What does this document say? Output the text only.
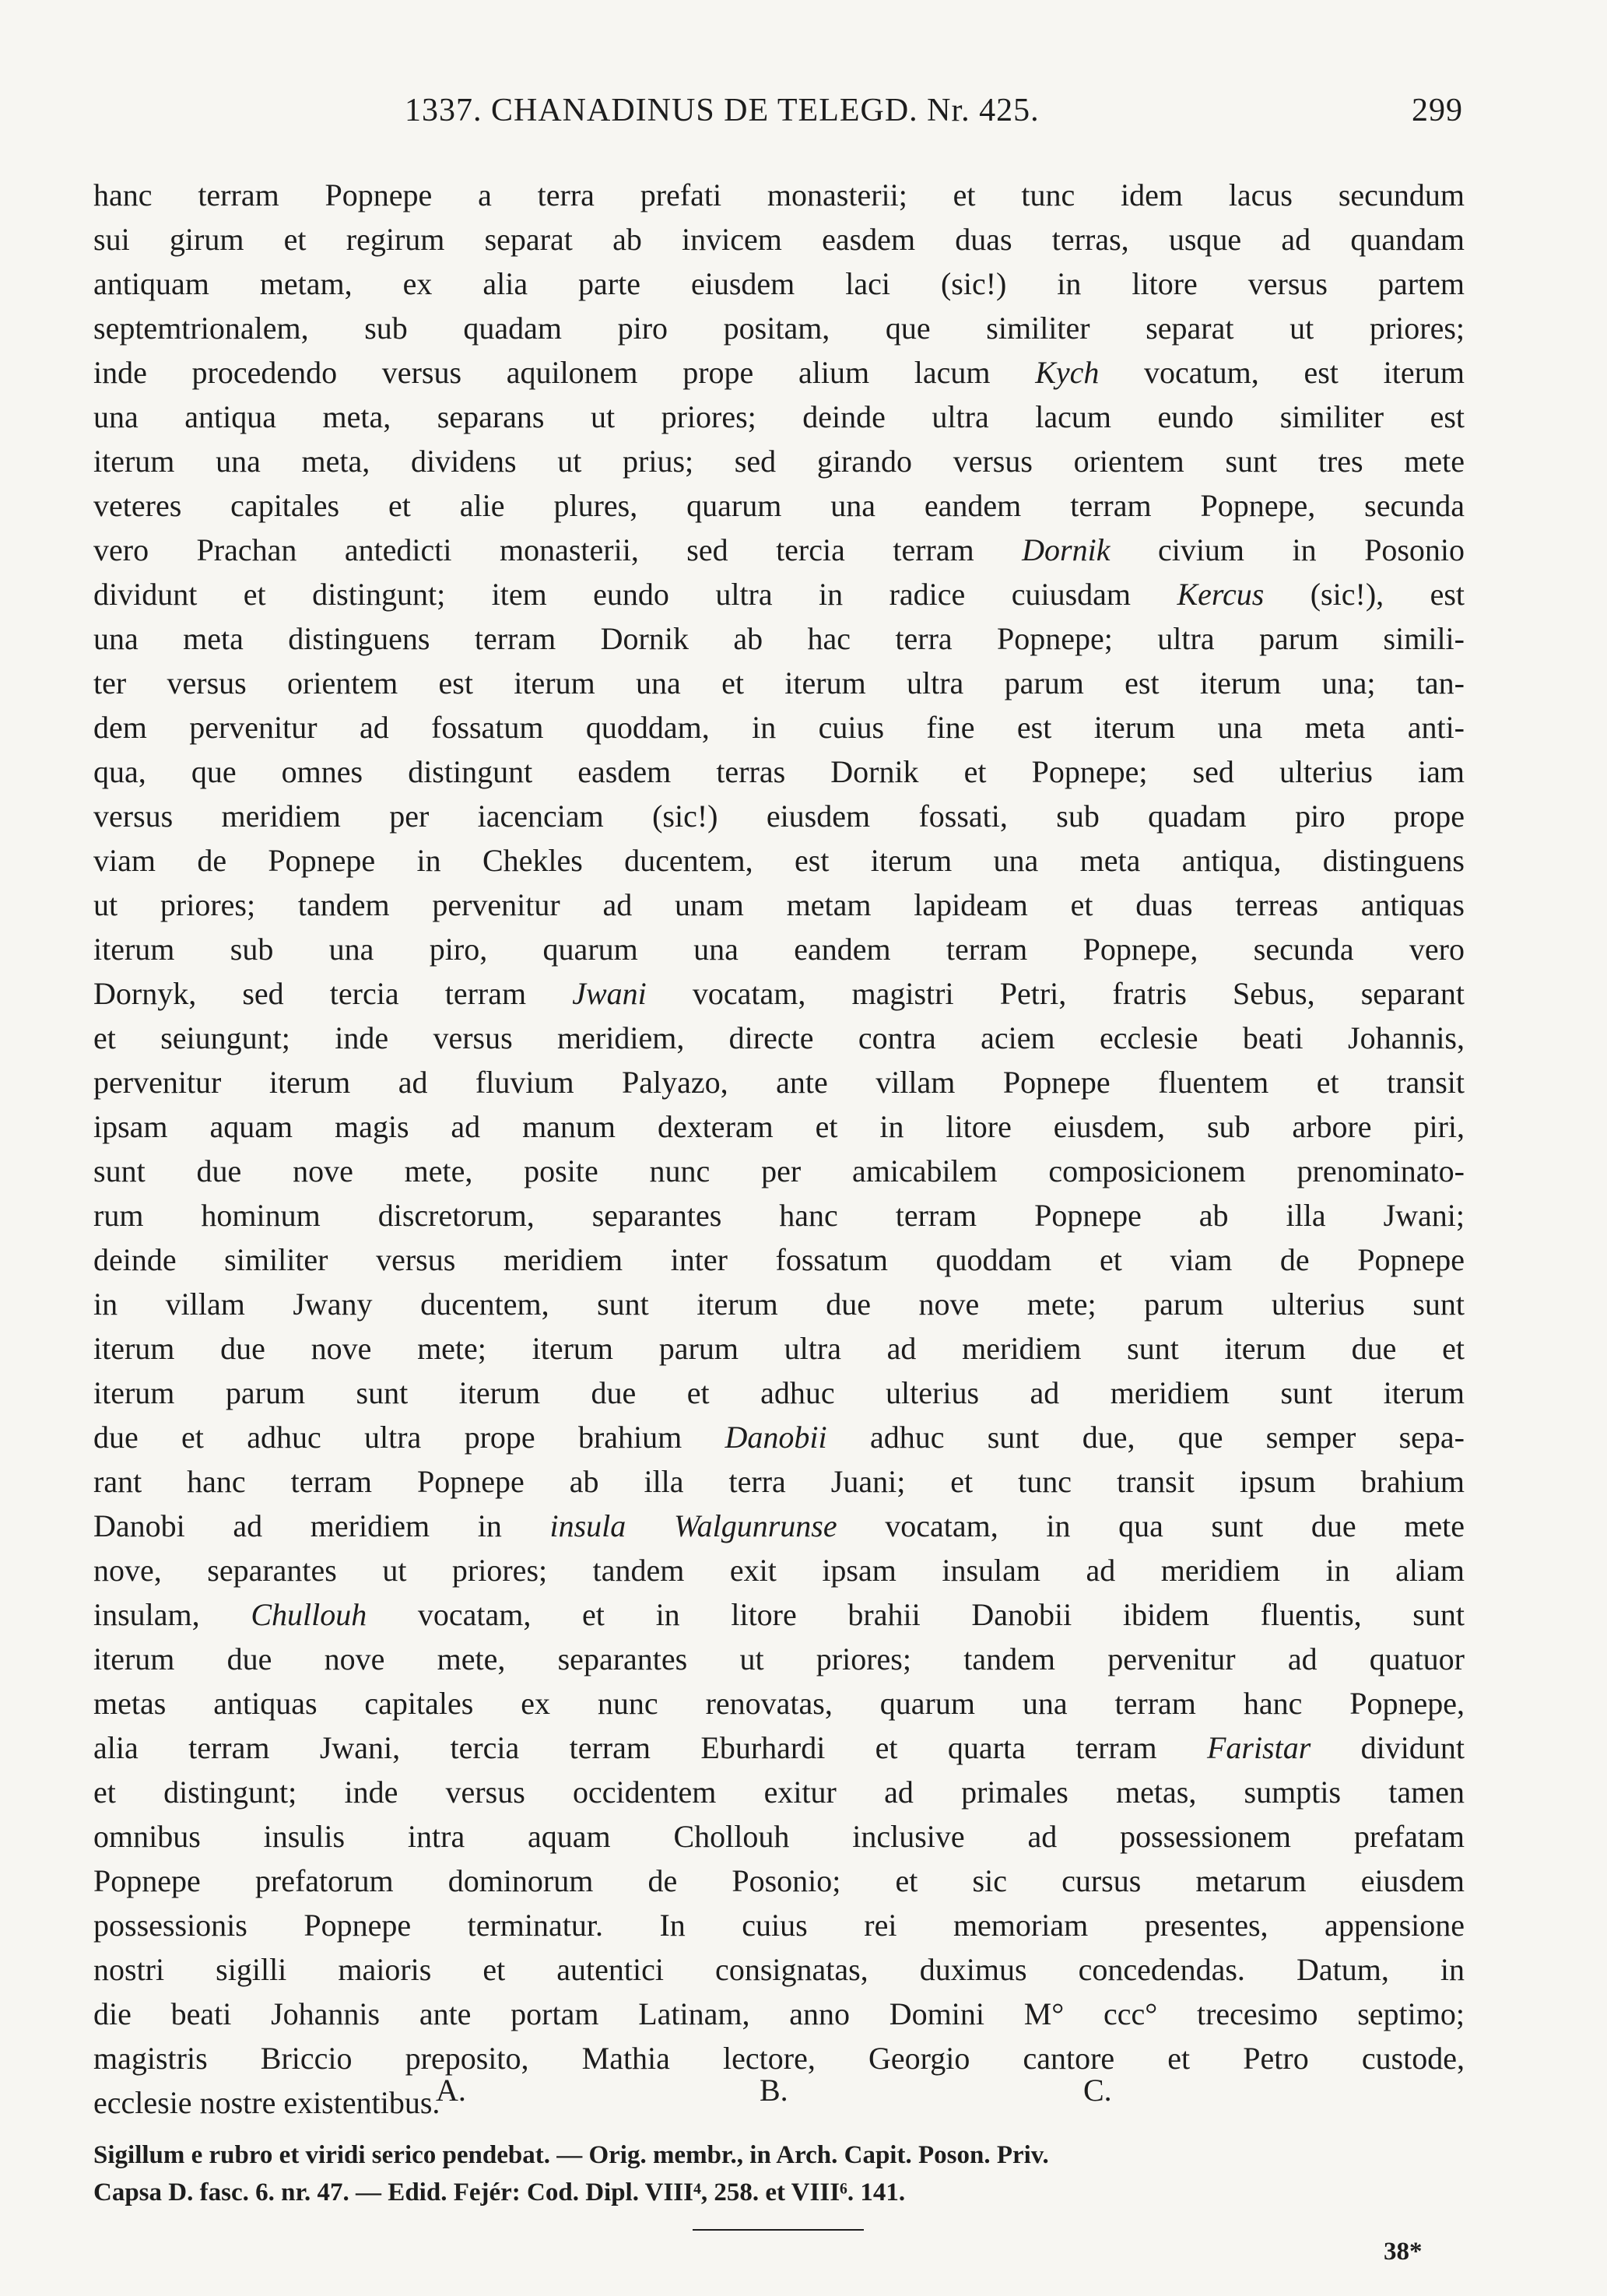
1337. CHANADINUS DE TELEGD. Nr. 425.	299
hanc terram Popnepe a terra prefati monasterii; et tunc idem lacus secundum
sui girum et regirum separat ab invicem easdem duas terras, usque ad quandam
antiquam metam, ex alia parte eiusdem laci (sic!) in litore versus partem
septemtrionalem, sub quadam piro positam, que similiter separat ut priores;
inde procedendo versus aquilonem prope alium lacum Kych vocatum, est iterum
una antiqua meta, separans ut priores; deinde ultra lacum eundo similiter est
iterum una meta, dividens ut prius; sed girando versus orientem sunt tres mete
veteres capitales et alie plures, quarum una eandem terram Popnepe, secunda
vero Prachan antedicti monasterii, sed tercia terram Dornik civium in Posonio
dividunt et distingunt; item eundo ultra in radice cuiusdam Kercus (sic!), est
una meta distinguens terram Dornik ab hac terra Popnepe; ultra parum simili-
ter versus orientem est iterum una et iterum ultra parum est iterum una; tan-
dem pervenitur ad fossatum quoddam, in cuius fine est iterum una meta anti-
qua, que omnes distingunt easdem terras Dornik et Popnepe; sed ulterius iam
versus meridiem per iacenciam (sic!) eiusdem fossati, sub quadam piro prope
viam de Popnepe in Chekles ducentem, est iterum una meta antiqua, distinguens
ut priores; tandem pervenitur ad unam metam lapideam et duas terreas antiquas
iterum sub una piro, quarum una eandem terram Popnepe, secunda vero
Dornyk, sed tercia terram Jwani vocatam, magistri Petri, fratris Sebus, separant
et seiungunt; inde versus meridiem, directe contra aciem ecclesie beati Johannis,
pervenitur iterum ad fluvium Palyazo, ante villam Popnepe fluentem et transit
ipsam aquam magis ad manum dexteram et in litore eiusdem, sub arbore piri,
sunt due nove mete, posite nunc per amicabilem composicionem prenominato-
rum hominum discretorum, separantes hanc terram Popnepe ab illa Jwani;
deinde similiter versus meridiem inter fossatum quoddam et viam de Popnepe
in villam Jwany ducentem, sunt iterum due nove mete; parum ulterius sunt
iterum due nove mete; iterum parum ultra ad meridiem sunt iterum due et
iterum parum sunt iterum due et adhuc ulterius ad meridiem sunt iterum
due et adhuc ultra prope brahium Danobii adhuc sunt due, que semper sepa-
rant hanc terram Popnepe ab illa terra Juani; et tunc transit ipsum brahium
Danobi ad meridiem in insula Walgunrunse vocatam, in qua sunt due mete
nove, separantes ut priores; tandem exit ipsam insulam ad meridiem in aliam
insulam, Chullouh vocatam, et in litore brahii Danobii ibidem fluentis, sunt
iterum due nove mete, separantes ut priores; tandem pervenitur ad quatuor
metas antiquas capitales ex nunc renovatas, quarum una terram hanc Popnepe,
alia terram Jwani, tercia terram Eburhardi et quarta terram Faristar dividunt
et distingunt; inde versus occidentem exitur ad primales metas, sumptis tamen
omnibus insulis intra aquam Chollouh inclusive ad possessionem prefatam
Popnepe prefatorum dominorum de Posonio; et sic cursus metarum eiusdem
possessionis Popnepe terminatur. In cuius rei memoriam presentes, appensione
nostri sigilli maioris et autentici consignatas, duximus concedendas. Datum, in
die beati Johannis ante portam Latinam, anno Domini M° ccc° trecesimo septimo;
magistris Briccio preposito, Mathia lectore, Georgio cantore et Petro custode,
ecclesie nostre existentibus.
A.	B.	C.
Sigillum e rubro et viridi serico pendebat. — Orig. membr., in Arch. Capit. Poson. Priv.
Capsa D. fasc. 6. nr. 47. — Edid. Fejér: Cod. Dipl. VIII⁴, 258. et VIII⁶. 141.
38*
